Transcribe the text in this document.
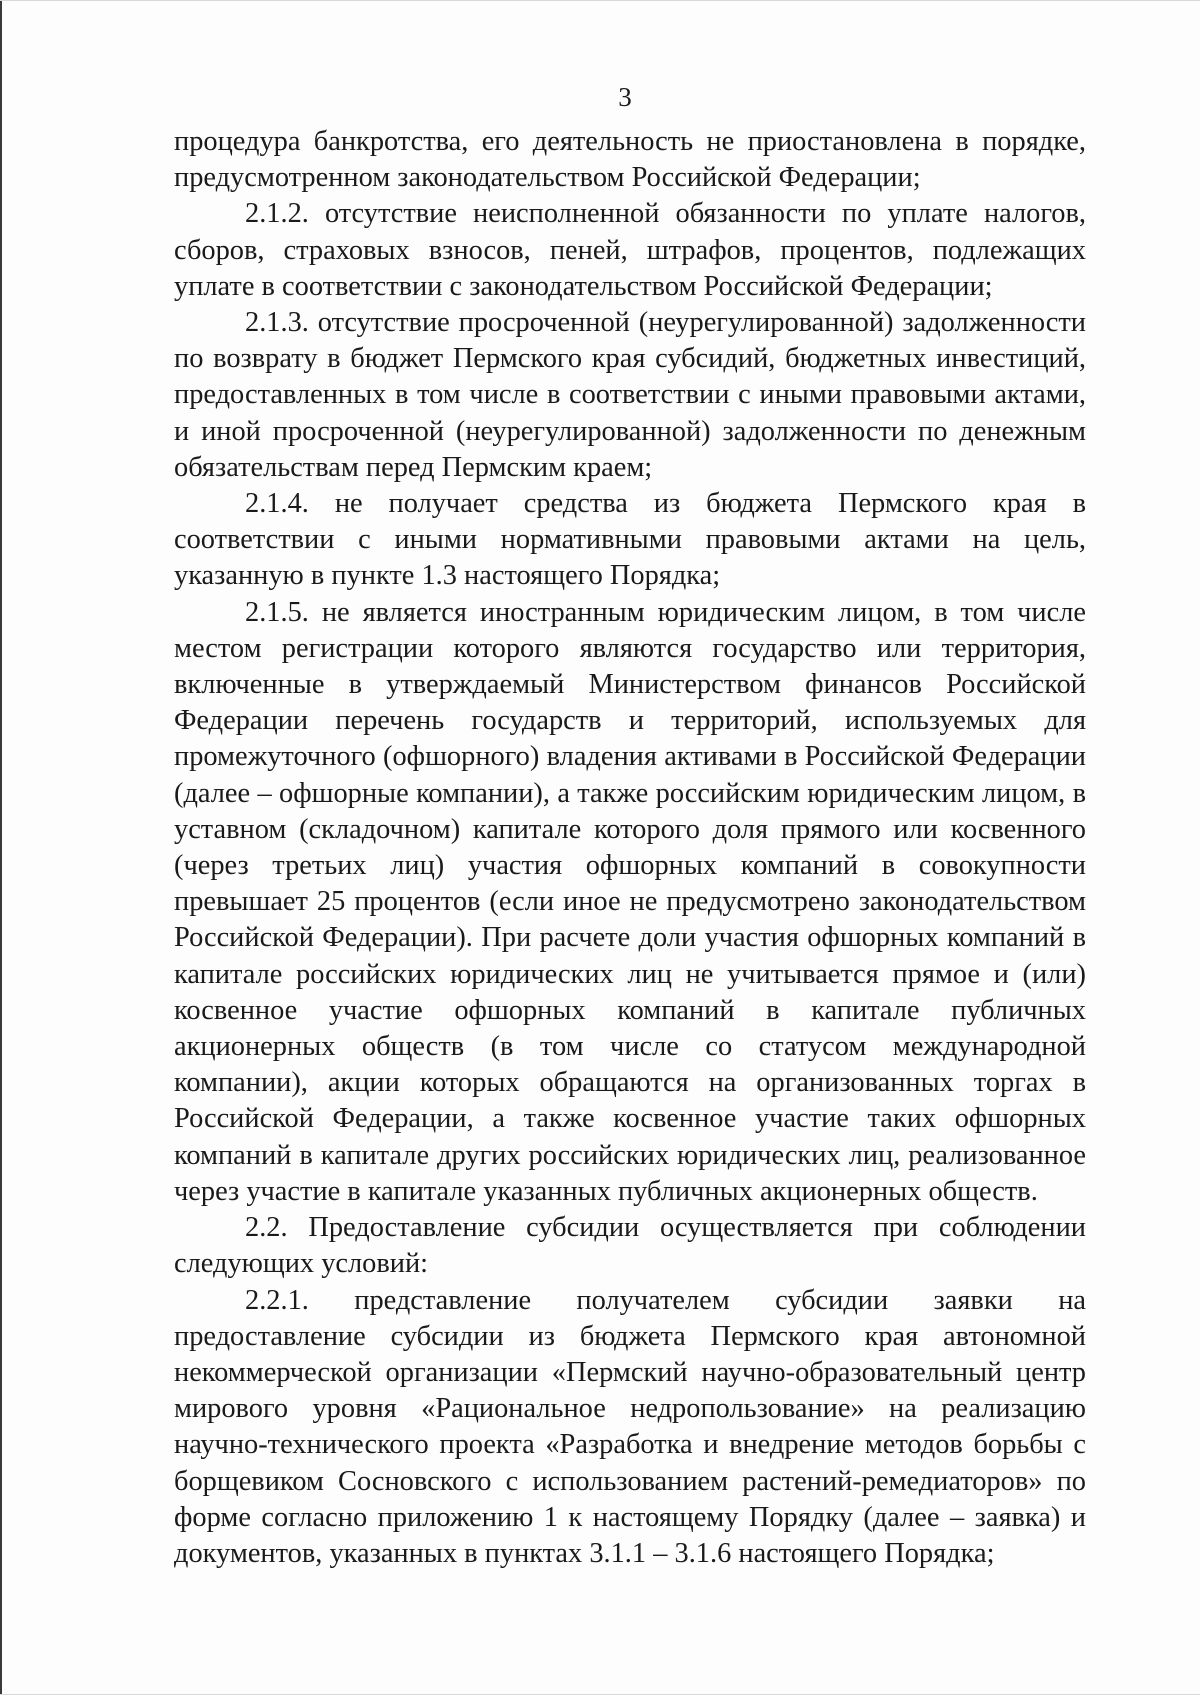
3

процедура банкротства, его деятельность не приостановлена в порядке, предусмотренном законодательством Российской Федерации;

2.1.2. отсутствие неисполненной обязанности по уплате налогов, сборов, страховых взносов, пеней, штрафов, процентов, подлежащих уплате в соответствии с законодательством Российской Федерации;

2.1.3. отсутствие просроченной (неурегулированной) задолженности по возврату в бюджет Пермского края субсидий, бюджетных инвестиций, предоставленных в том числе в соответствии с иными правовыми актами, и иной просроченной (неурегулированной) задолженности по денежным обязательствам перед Пермским краем;

2.1.4. не получает средства из бюджета Пермского края в соответствии с иными нормативными правовыми актами на цель, указанную в пункте 1.3 настоящего Порядка;

2.1.5. не является иностранным юридическим лицом, в том числе местом регистрации которого являются государство или территория, включенные в утверждаемый Министерством финансов Российской Федерации перечень государств и территорий, используемых для промежуточного (офшорного) владения активами в Российской Федерации (далее – офшорные компании), а также российским юридическим лицом, в уставном (складочном) капитале которого доля прямого или косвенного (через третьих лиц) участия офшорных компаний в совокупности превышает 25 процентов (если иное не предусмотрено законодательством Российской Федерации). При расчете доли участия офшорных компаний в капитале российских юридических лиц не учитывается прямое и (или) косвенное участие офшорных компаний в капитале публичных акционерных обществ (в том числе со статусом международной компании), акции которых обращаются на организованных торгах в Российской Федерации, а также косвенное участие таких офшорных компаний в капитале других российских юридических лиц, реализованное через участие в капитале указанных публичных акционерных обществ.

2.2. Предоставление субсидии осуществляется при соблюдении следующих условий:

2.2.1. представление получателем субсидии заявки на предоставление субсидии из бюджета Пермского края автономной некоммерческой организации «Пермский научно-образовательный центр мирового уровня «Рациональное недропользование» на реализацию научно-технического проекта «Разработка и внедрение методов борьбы с борщевиком Сосновского с использованием растений-ремедиаторов» по форме согласно приложению 1 к настоящему Порядку (далее – заявка) и документов, указанных в пунктах 3.1.1 – 3.1.6 настоящего Порядка;
